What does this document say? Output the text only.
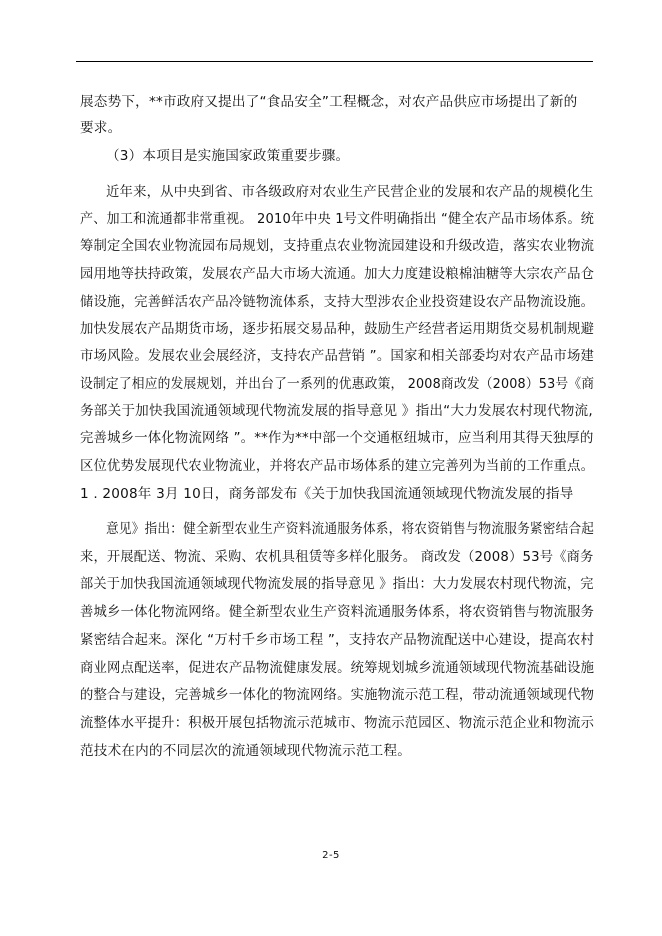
展态势下，**市政府又提出了“食品安全”工程概念，对农产品供应市场提出了新的
要求。
（3）本项目是实施国家政策重要步骤。
近年来，从中央到省、市各级政府对农业生产民营企业的发展和农产品的规模化生
产、加工和流通都非常重视。 2010年中央 1号文件明确指出 “健全农产品市场体系。统
筹制定全国农业物流园布局规划，支持重点农业物流园建设和升级改造，落实农业物流
园用地等扶持政策，发展农产品大市场大流通。加大力度建设粮棉油糖等大宗农产品仓
储设施，完善鲜活农产品冷链物流体系，支持大型涉农企业投资建设农产品物流设施。
加快发展农产品期货市场，逐步拓展交易品种，鼓励生产经营者运用期货交易机制规避
市场风险。发展农业会展经济，支持农产品营销 ”。国家和相关部委均对农产品市场建
设制定了相应的发展规划，并出台了一系列的优惠政策， 2008商改发（2008）53号《商
务部关于加快我国流通领域现代物流发展的指导意见 》指出“大力发展农村现代物流,
完善城乡一体化物流网络 ”。**作为**中部一个交通枢纽城市，应当利用其得天独厚的
区位优势发展现代农业物流业，并将农产品市场体系的建立完善列为当前的工作重点。
1 . 2008年 3月 10日，商务部发布《关于加快我国流通领域现代物流发展的指导
意见》指出：健全新型农业生产资料流通服务体系，将农资销售与物流服务紧密结合起
来，开展配送、物流、采购、农机具租赁等多样化服务。 商改发（2008）53号《商务
部关于加快我国流通领域现代物流发展的指导意见 》指出：大力发展农村现代物流，完
善城乡一体化物流网络。健全新型农业生产资料流通服务体系，将农资销售与物流服务
紧密结合起来。深化 “万村千乡市场工程 ”，支持农产品物流配送中心建设，提高农村
商业网点配送率，促进农产品物流健康发展。统筹规划城乡流通领域现代物流基础设施
的整合与建设，完善城乡一体化的物流网络。实施物流示范工程，带动流通领域现代物
流整体水平提升：积极开展包括物流示范城市、物流示范园区、物流示范企业和物流示
范技术在内的不同层次的流通领域现代物流示范工程。
2-5
